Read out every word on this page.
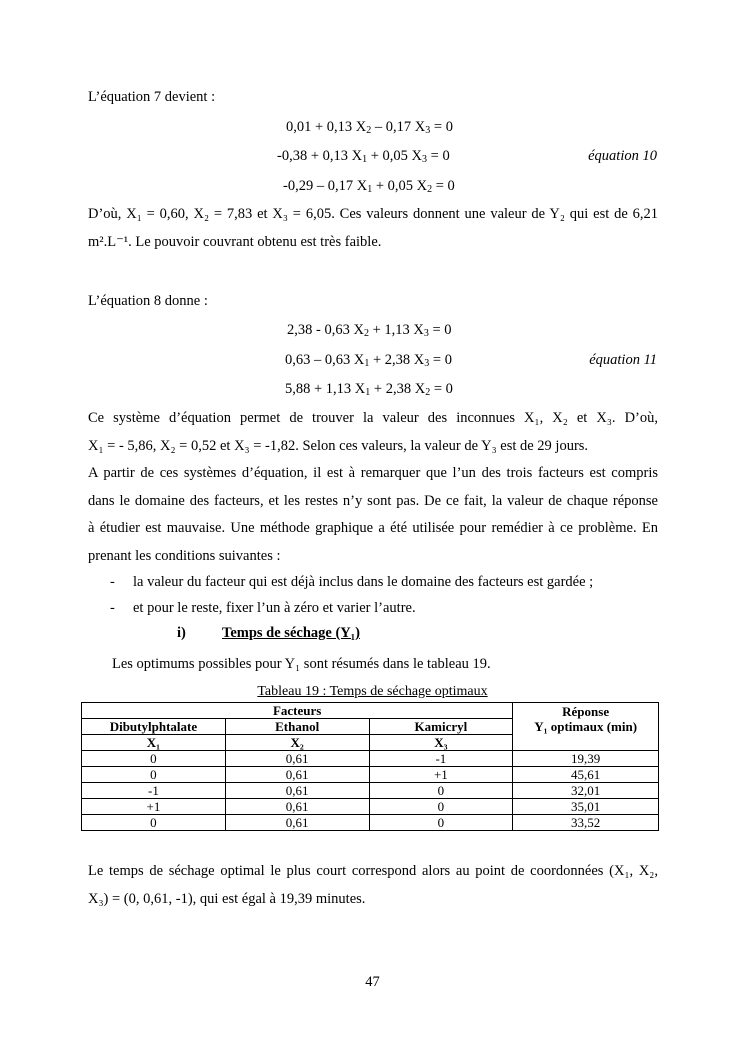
L’équation 7 devient :
0,01 + 0,13 $X_2 - 0,17$ $X_3 = 0$
-0,38 + 0,13 $X_1 + 0,05$ $X_3 = 0$	équation 10
-0,29 – 0,17 $X_1 + 0,05$ $X_2 = 0$
D’où, X₁ = 0,60, X₂ = 7,83 et X₃ = 6,05. Ces valeurs donnent une valeur de Y₂ qui est de 6,21
m².L⁻¹. Le pouvoir couvrant obtenu est très faible.
L’équation 8 donne :
2,38 - 0,63 $X_2 + 1,13$ $X_3 = 0$
0,63 – 0,63 $X_1 + 2,38$ $X_3 = 0$	équation 11
5,88 + 1,13 $X_1 + 2,38$ $X_2 = 0$
Ce système d’équation permet de trouver la valeur des inconnues X₁, X₂ et X₃. D’où,
X₁ = - 5,86, X₂ = 0,52 et X₃ = -1,82. Selon ces valeurs, la valeur de Y₃ est de 29 jours.
A partir de ces systèmes d’équation, il est à remarquer que l’un des trois facteurs est compris
dans le domaine des facteurs, et les restes n’y sont pas. De ce fait, la valeur de chaque réponse
à étudier est mauvaise. Une méthode graphique a été utilisée pour remédier à ce problème. En
prenant les conditions suivantes :
- la valeur du facteur qui est déjà inclus dans le domaine des facteurs est gardée ;
- et pour le reste, fixer l’un à zéro et varier l’autre.
i) Temps de séchage (Y₁)
Les optimums possibles pour Y₁ sont résumés dans le tableau 19.
Tableau 19 : Temps de séchage optimaux
Facteurs			Réponse
Y₁ optimaux (min)

Dibutylphtalate	Ethanol	Kamicryl	
X₁	X₂	X₃	
0	0,61	-1	19,39
0	0,61	+1	45,61
-1	0,61	0	32,01
+1	0,61	0	35,01
0	0,61	0	33,52
Le temps de séchage optimal le plus court correspond alors au point de coordonnées (X₁, X₂,
X₃) = (0, 0,61, -1), qui est égal à 19,39 minutes.
47
